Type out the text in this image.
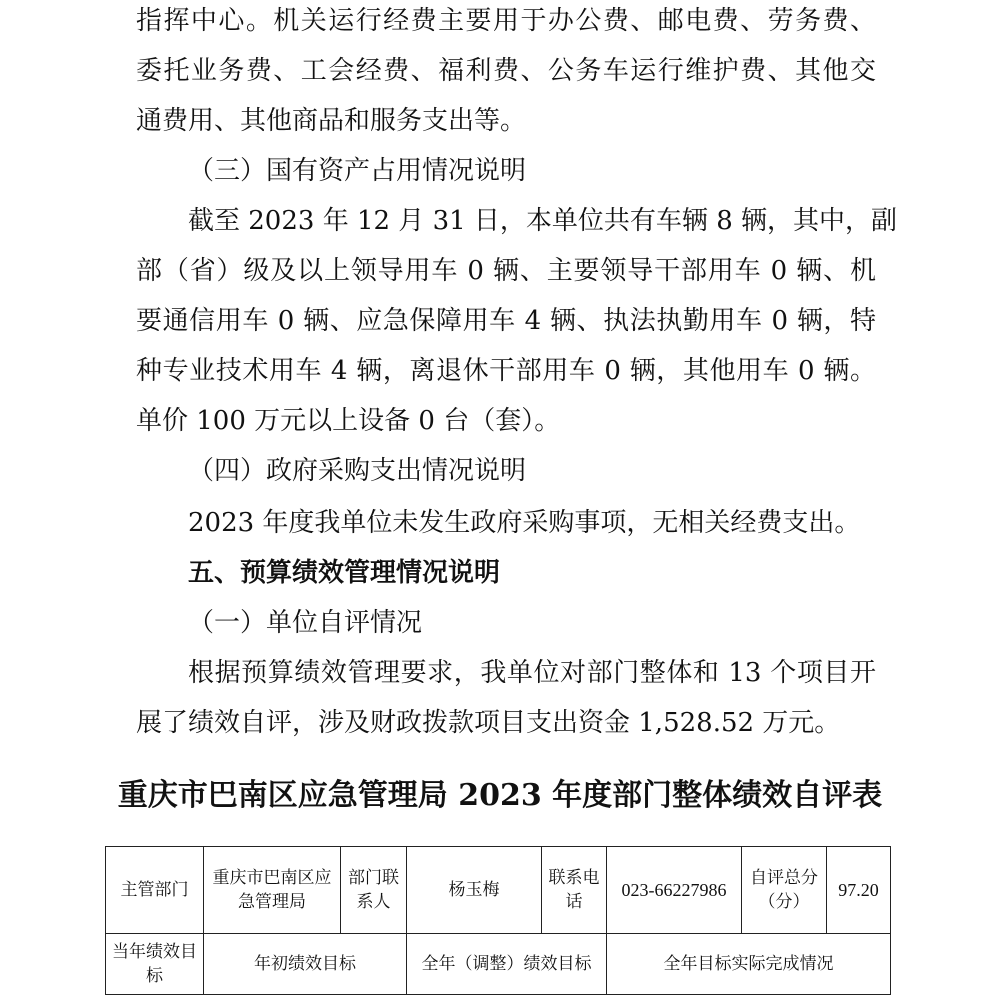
指挥中心。机关运行经费主要用于办公费、邮电费、劳务费、
委托业务费、工会经费、福利费、公务车运行维护费、其他交
通费用、其他商品和服务支出等。
（三）国有资产占用情况说明
截至 2023 年 12 月 31 日，本单位共有车辆 8 辆，其中，副
部（省）级及以上领导用车 0 辆、主要领导干部用车 0 辆、机
要通信用车 0 辆、应急保障用车 4 辆、执法执勤用车 0 辆，特
种专业技术用车 4 辆，离退休干部用车 0 辆，其他用车 0 辆。
单价 100 万元以上设备 0 台（套）。
（四）政府采购支出情况说明
2023 年度我单位未发生政府采购事项，无相关经费支出。
五、预算绩效管理情况说明
（一）单位自评情况
根据预算绩效管理要求，我单位对部门整体和 13 个项目开
展了绩效自评，涉及财政拨款项目支出资金 1,528.52 万元。
重庆市巴南区应急管理局 2023 年度部门整体绩效自评表
主管部门	重庆市巴南区应急管理局	部门联系人	杨玉梅	联系电话	023-66227986	自评总分（分）	97.20
当年绩效目标	年初绩效目标		全年（调整）绩效目标		全年目标实际完成情况		
